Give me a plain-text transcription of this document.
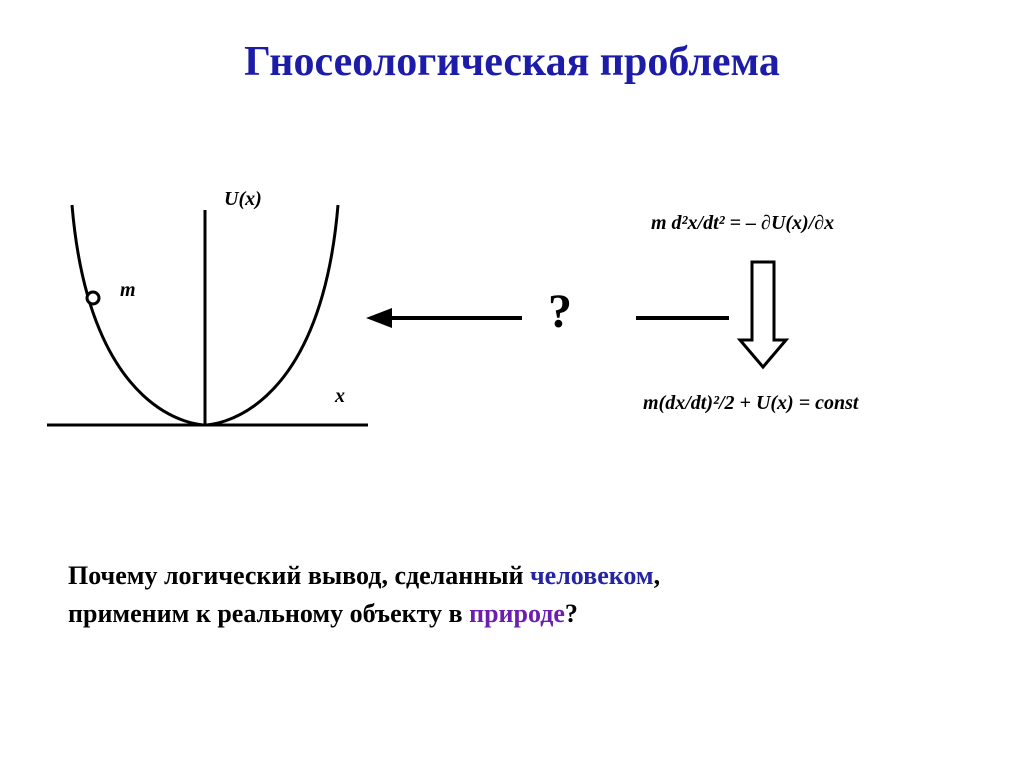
Гносеологическая проблема
U(x)
m
x
?
m d²x/dt² = – ∂U(x)/∂x
m(dx/dt)²/2 + U(x) = const
Почему логический вывод, сделанный человеком,
применим к реальному объекту в природе?
